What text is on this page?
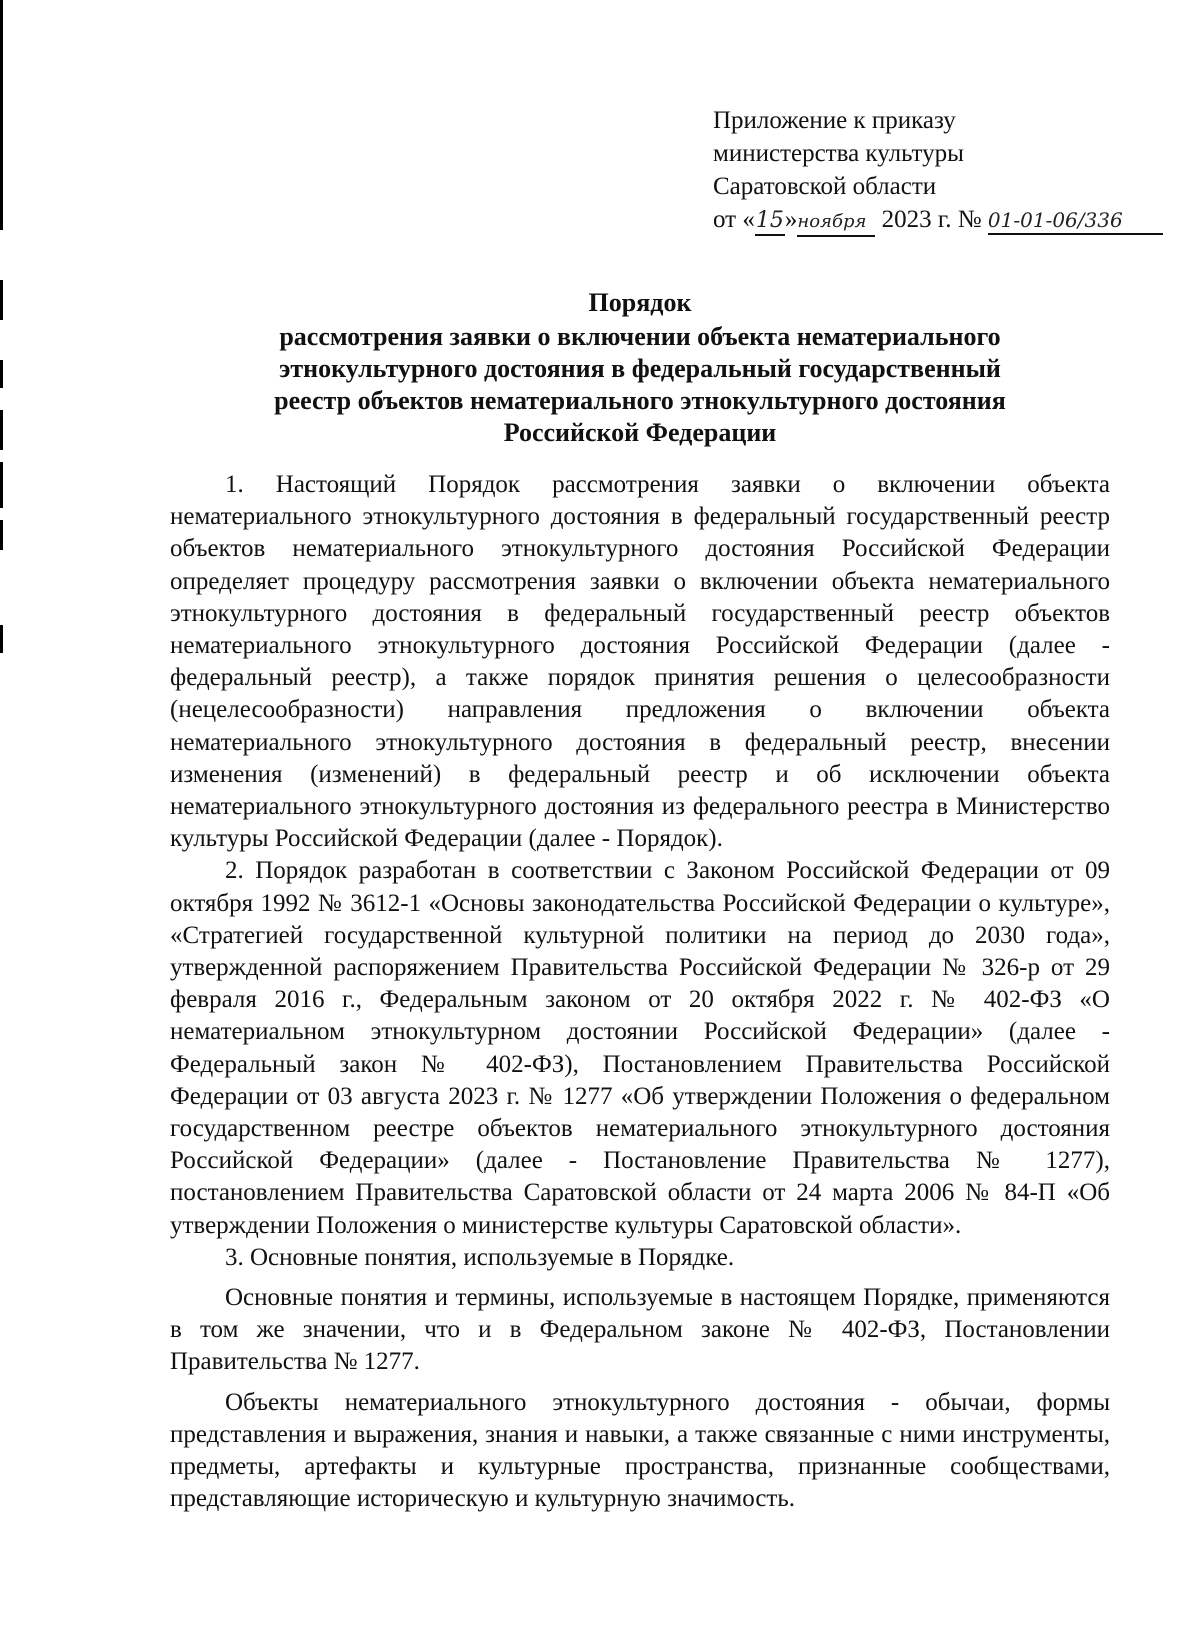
Приложение к приказу
министерства культуры
Саратовской области
от «15»ноября 2023 г. № 01-01-06/336
Порядок
рассмотрения заявки о включении объекта нематериального
этнокультурного достояния в федеральный государственный
реестр объектов нематериального этнокультурного достояния
Российской Федерации

1. Настоящий Порядок рассмотрения заявки о включении объекта нематериального этнокультурного достояния в федеральный государственный реестр объектов нематериального этнокультурного достояния Российской Федерации определяет процедуру рассмотрения заявки о включении объекта нематериального этнокультурного достояния в федеральный государственный реестр объектов нематериального этнокультурного достояния Российской Федерации (далее - федеральный реестр), а также порядок принятия решения о целесообразности (нецелесообразности) направления предложения о включении объекта нематериального этнокультурного достояния в федеральный реестр, внесении изменения (изменений) в федеральный реестр и об исключении объекта нематериального этнокультурного достояния из федерального реестра в Министерство культуры Российской Федерации (далее - Порядок).

2. Порядок разработан в соответствии с Законом Российской Федерации от 09 октября 1992 № 3612-1 «Основы законодательства Российской Федерации о культуре», «Стратегией государственной культурной политики на период до 2030 года», утвержденной распоряжением Правительства Российской Федерации № 326-р от 29 февраля 2016 г., Федеральным законом от 20 октября 2022 г. № 402-ФЗ «О нематериальном этнокультурном достоянии Российской Федерации» (далее - Федеральный закон № 402-ФЗ), Постановлением Правительства Российской Федерации от 03 августа 2023 г. № 1277 «Об утверждении Положения о федеральном государственном реестре объектов нематериального этнокультурного достояния Российской Федерации» (далее - Постановление Правительства № 1277), постановлением Правительства Саратовской области от 24 марта 2006 № 84-П «Об утверждении Положения о министерстве культуры Саратовской области».

3. Основные понятия, используемые в Порядке.

Основные понятия и термины, используемые в настоящем Порядке, применяются в том же значении, что и в Федеральном законе № 402-ФЗ, Постановлении Правительства № 1277.

Объекты нематериального этнокультурного достояния - обычаи, формы представления и выражения, знания и навыки, а также связанные с ними инструменты, предметы, артефакты и культурные пространства, признанные сообществами, представляющие историческую и культурную значимость.
